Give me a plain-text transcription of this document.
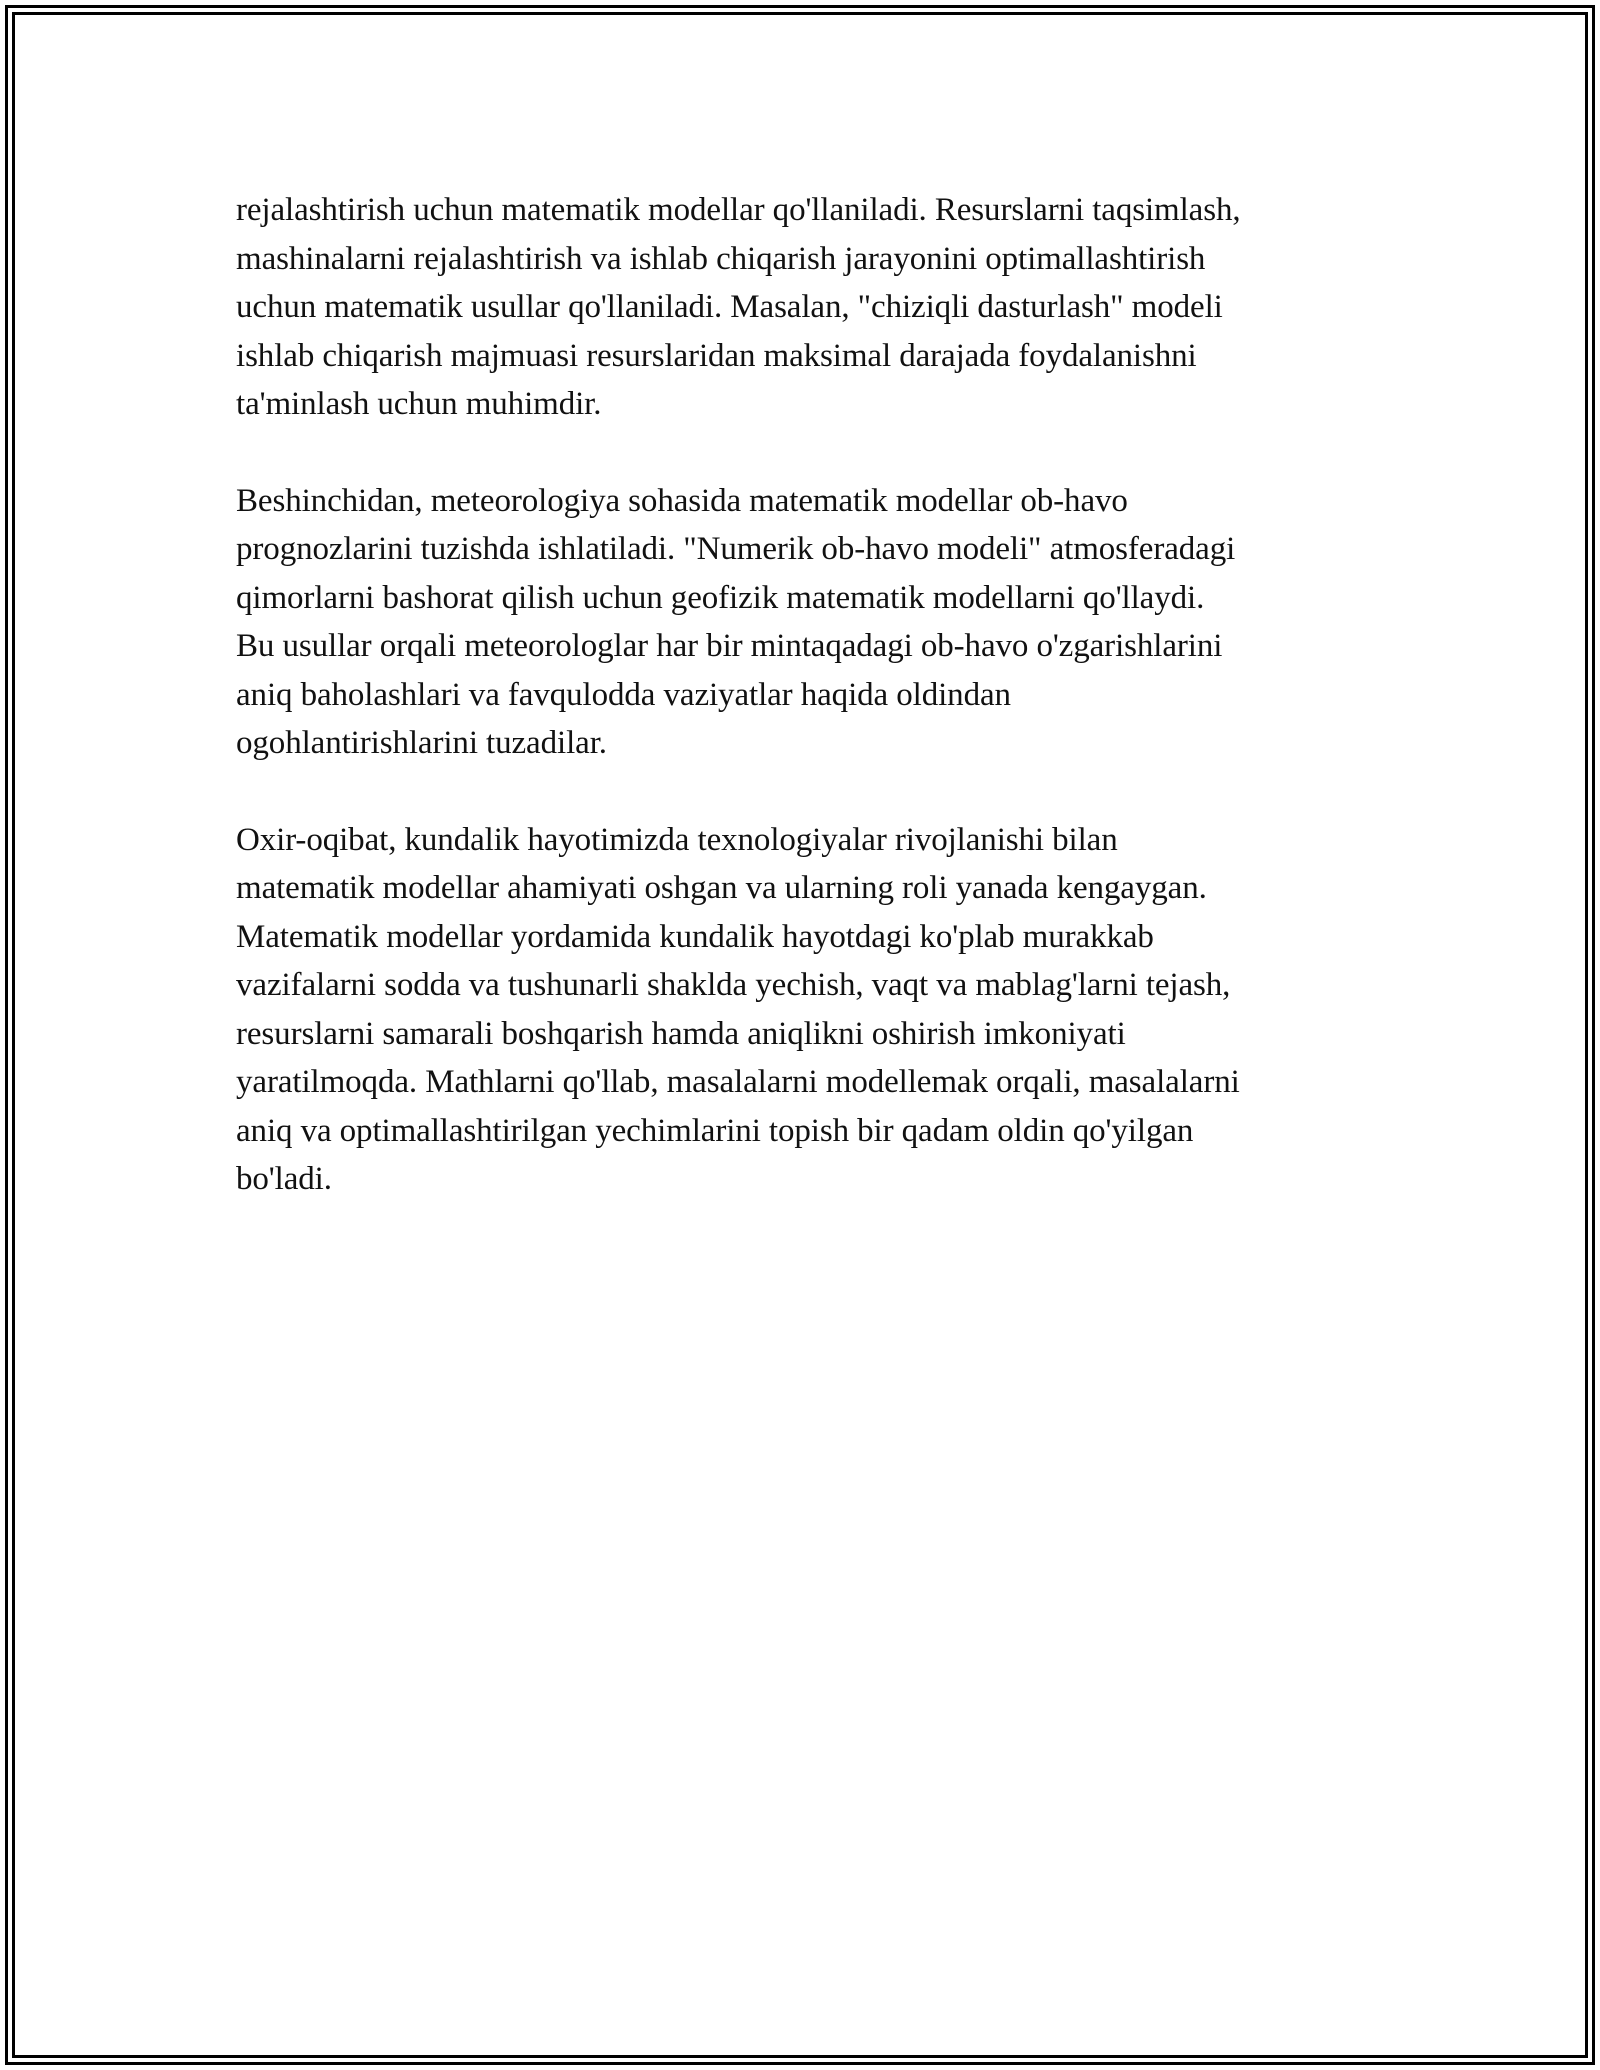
rejalashtirish uchun matematik modellar qo'llaniladi. Resurslarni taqsimlash,
mashinalarni rejalashtirish va ishlab chiqarish jarayonini optimallashtirish
uchun matematik usullar qo'llaniladi. Masalan, "chiziqli dasturlash" modeli
ishlab chiqarish majmuasi resurslaridan maksimal darajada foydalanishni
ta'minlash uchun muhimdir.

Beshinchidan, meteorologiya sohasida matematik modellar ob-havo
prognozlarini tuzishda ishlatiladi. "Numerik ob-havo modeli" atmosferadagi
qimorlarni bashorat qilish uchun geofizik matematik modellarni qo'llaydi.
Bu usullar orqali meteorologlar har bir mintaqadagi ob-havo o'zgarishlarini
aniq baholashlari va favqulodda vaziyatlar haqida oldindan
ogohlantirishlarini tuzadilar.

Oxir-oqibat, kundalik hayotimizda texnologiyalar rivojlanishi bilan
matematik modellar ahamiyati oshgan va ularning roli yanada kengaygan.
Matematik modellar yordamida kundalik hayotdagi ko'plab murakkab
vazifalarni sodda va tushunarli shaklda yechish, vaqt va mablag'larni tejash,
resurslarni samarali boshqarish hamda aniqlikni oshirish imkoniyati
yaratilmoqda. Mathlarni qo'llab, masalalarni modellemak orqali, masalalarni
aniq va optimallashtirilgan yechimlarini topish bir qadam oldin qo'yilgan
bo'ladi.
